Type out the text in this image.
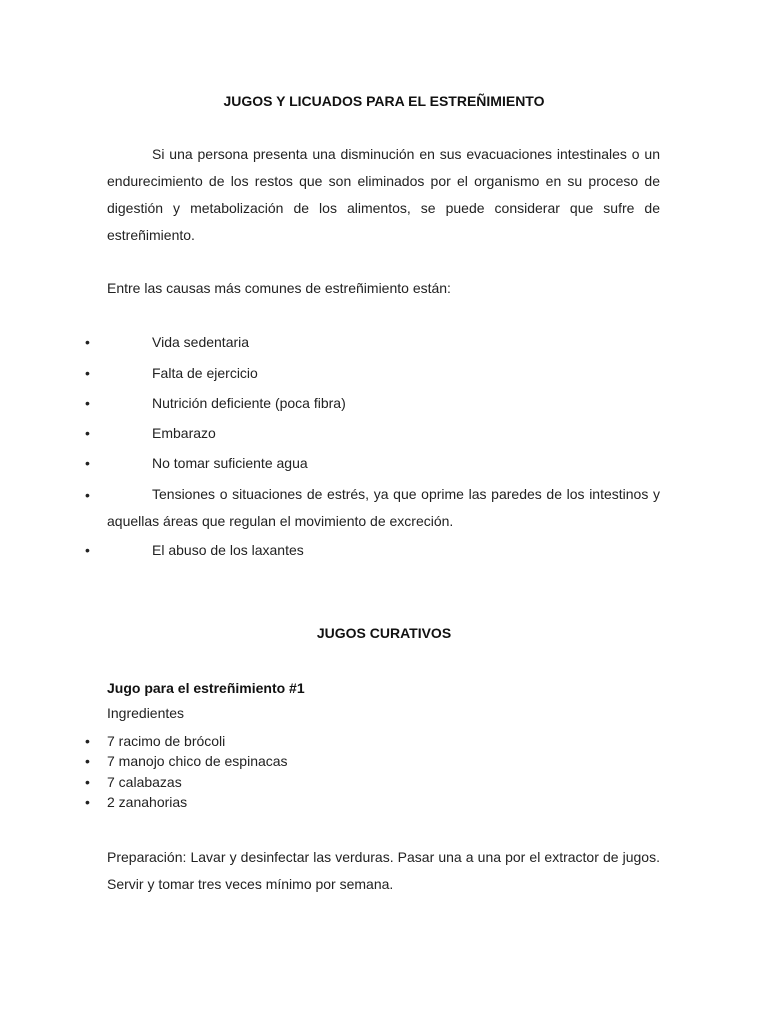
JUGOS Y LICUADOS PARA EL ESTREÑIMIENTO

Si una persona presenta una disminución en sus evacuaciones intestinales o un endurecimiento de los restos que son eliminados por el organismo en su proceso de digestión y metabolización de los alimentos, se puede considerar que sufre de estreñimiento.

Entre las causas más comunes de estreñimiento están:
•	Vida sedentaria
•	Falta de ejercicio
•	Nutrición deficiente (poca fibra)
•	Embarazo
•	No tomar suficiente agua
•	Tensiones o situaciones de estrés, ya que oprime las paredes de los intestinos y aquellas áreas que regulan el movimiento de excreción.

•	El abuso de los laxantes
JUGOS CURATIVOS
Jugo para el estreñimiento #1
Ingredientes
• 7 racimo de brócoli
• 7 manojo chico de espinacas
• 7 calabazas
• 2 zanahorias

Preparación: Lavar y desinfectar las verduras. Pasar una a una por el extractor de jugos. Servir y tomar tres veces mínimo por semana.
